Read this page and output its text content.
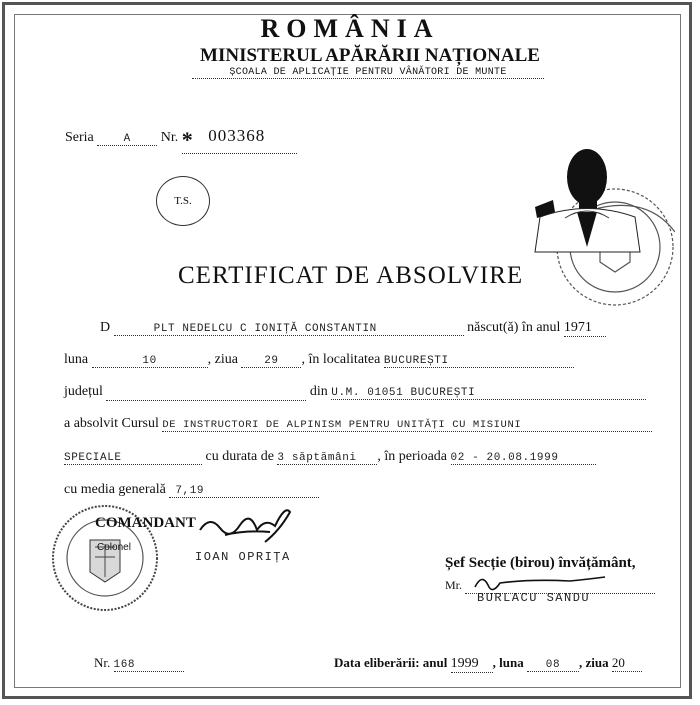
ROMÂNIA
MINISTERUL APĂRĂRII NAȚIONALE
ȘCOALA DE APLICAȚIE PENTRU VÂNĂTORI DE MUNTE
Seria	A Nr. * 003368
T.S.
CERTIFICAT DE ABSOLVIRE
D	PLT NEDELCU C IONIȚĂ CONSTANTIN	născut(ă) în anul 1971
luna	10	, ziua 29 , în localitatea BUCUREȘTI
județul	din U.M. 01051 BUCUREȘTI
a absolvit Cursul DE INSTRUCTORI DE ALPINISM PENTRU UNITĂȚI CU MISIUNI
SPECIALE	cu durata de 3 săptămâni , în perioada 02 - 20.08.1999
cu media generală 7,19
COMANDANT
Colonel
IOAN OPRIȚA	Șef Secție (birou) învățământ,
Mr.
BURLACU SANDU
Nr. 168	Data eliberării: anul 1999 , luna 08 , ziua 20
